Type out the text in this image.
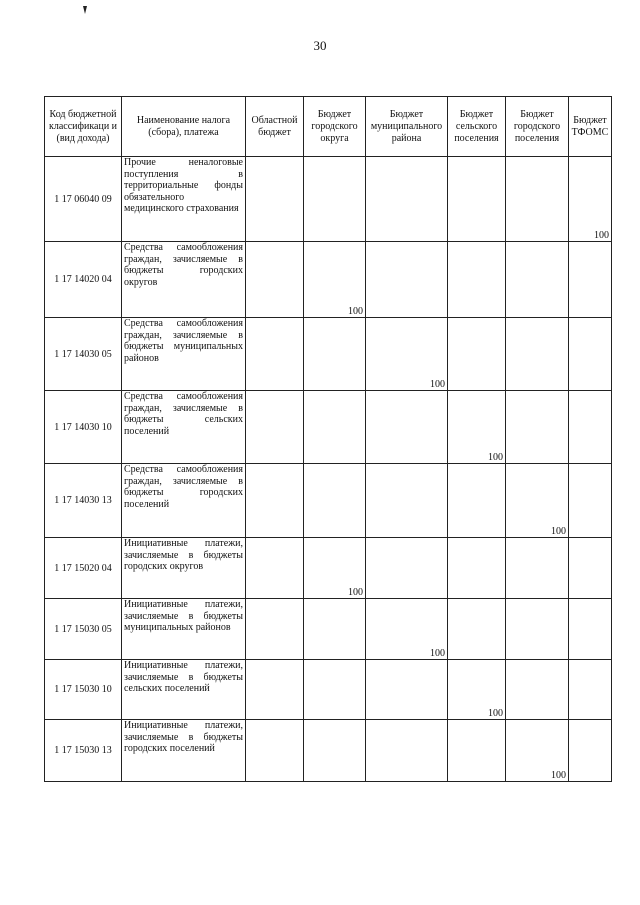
30
Код бюджетной классификаци и (вид дохода)	Наименование налога (сбора), платежа	Областной бюджет	Бюджет городского округа	Бюджет муниципального района	Бюджет сельского поселения	Бюджет городского поселения	Бюджет ТФОМС
1 17 06040 09	Прочие неналоговые поступления в территориальные фонды обязательного медицинского страхования						100
1 17 14020 04	Средства самообложения граждан, зачисляемые в бюджеты городских округов		100				
1 17 14030 05	Средства самообложения граждан, зачисляемые в бюджеты муниципальных районов			100			
1 17 14030 10	Средства самообложения граждан, зачисляемые в бюджеты сельских поселений				100		
1 17 14030 13	Средства самообложения граждан, зачисляемые в бюджеты городских поселений					100	
1 17 15020 04	Инициативные платежи, зачисляемые в бюджеты городских округов		100				
1 17 15030 05	Инициативные платежи, зачисляемые в бюджеты муниципальных районов			100			
1 17 15030 10	Инициативные платежи, зачисляемые в бюджеты сельских поселений				100		
1 17 15030 13	Инициативные платежи, зачисляемые в бюджеты городских поселений					100	
